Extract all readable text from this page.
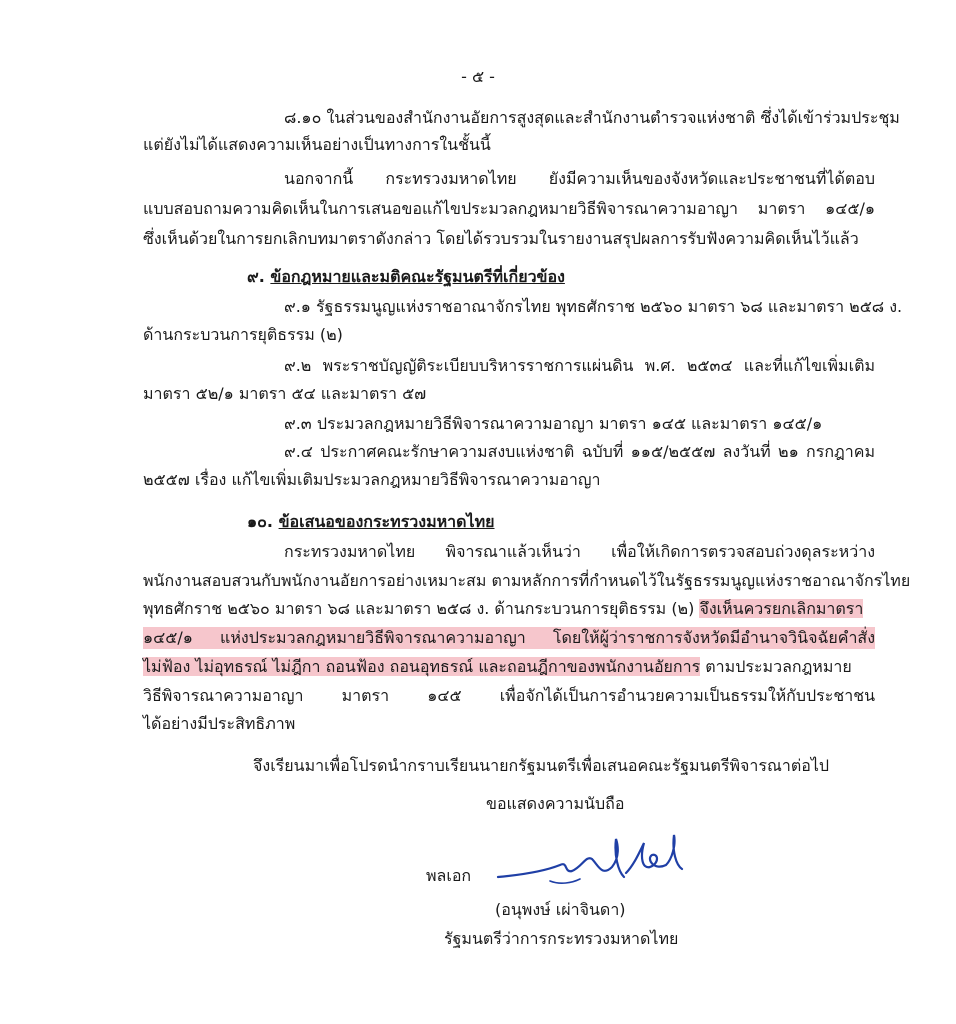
- ๕ -
๘.๑๐ ในส่วนของสำนักงานอัยการสูงสุดและสำนักงานตำรวจแห่งชาติ ซึ่งได้เข้าร่วมประชุม
แต่ยังไม่ได้แสดงความเห็นอย่างเป็นทางการในชั้นนี้
นอกจากนี้ กระทรวงมหาดไทย ยังมีความเห็นของจังหวัดและประชาชนที่ได้ตอบ
แบบสอบถามความคิดเห็นในการเสนอขอแก้ไขประมวลกฎหมายวิธีพิจารณาความอาญา มาตรา ๑๔๕/๑
ซึ่งเห็นด้วยในการยกเลิกบทมาตราดังกล่าว โดยได้รวบรวมในรายงานสรุปผลการรับฟังความคิดเห็นไว้แล้ว
๙. ข้อกฎหมายและมติคณะรัฐมนตรีที่เกี่ยวข้อง
๙.๑ รัฐธรรมนูญแห่งราชอาณาจักรไทย พุทธศักราช ๒๕๖๐ มาตรา ๖๘ และมาตรา ๒๕๘ ง.
ด้านกระบวนการยุติธรรม (๒)
๙.๒ พระราชบัญญัติระเบียบบริหารราชการแผ่นดิน พ.ศ. ๒๕๓๔ และที่แก้ไขเพิ่มเติม
มาตรา ๕๒/๑ มาตรา ๕๔ และมาตรา ๕๗
๙.๓ ประมวลกฎหมายวิธีพิจารณาความอาญา มาตรา ๑๔๕ และมาตรา ๑๔๕/๑
๙.๔ ประกาศคณะรักษาความสงบแห่งชาติ ฉบับที่ ๑๑๕/๒๕๕๗ ลงวันที่ ๒๑ กรกฎาคม
๒๕๕๗ เรื่อง แก้ไขเพิ่มเติมประมวลกฎหมายวิธีพิจารณาความอาญา
๑๐. ข้อเสนอของกระทรวงมหาดไทย
กระทรวงมหาดไทย พิจารณาแล้วเห็นว่า เพื่อให้เกิดการตรวจสอบถ่วงดุลระหว่าง
พนักงานสอบสวนกับพนักงานอัยการอย่างเหมาะสม ตามหลักการที่กำหนดไว้ในรัฐธรรมนูญแห่งราชอาณาจักรไทย
พุทธศักราช ๒๕๖๐ มาตรา ๖๘ และมาตรา ๒๕๘ ง. ด้านกระบวนการยุติธรรม (๒) จึงเห็นควรยกเลิกมาตรา
๑๔๕/๑ แห่งประมวลกฎหมายวิธีพิจารณาความอาญา โดยให้ผู้ว่าราชการจังหวัดมีอำนาจวินิจฉัยคำสั่ง
ไม่ฟ้อง ไม่อุทธรณ์ ไม่ฎีกา ถอนฟ้อง ถอนอุทธรณ์ และถอนฎีกาของพนักงานอัยการ ตามประมวลกฎหมาย
วิธีพิจารณาความอาญา มาตรา ๑๔๕ เพื่อจักได้เป็นการอำนวยความเป็นธรรมให้กับประชาชน
ได้อย่างมีประสิทธิภาพ
จึงเรียนมาเพื่อโปรดนำกราบเรียนนายกรัฐมนตรีเพื่อเสนอคณะรัฐมนตรีพิจารณาต่อไป
ขอแสดงความนับถือ
พลเอก
(อนุพงษ์ เผ่าจินดา)
รัฐมนตรีว่าการกระทรวงมหาดไทย
